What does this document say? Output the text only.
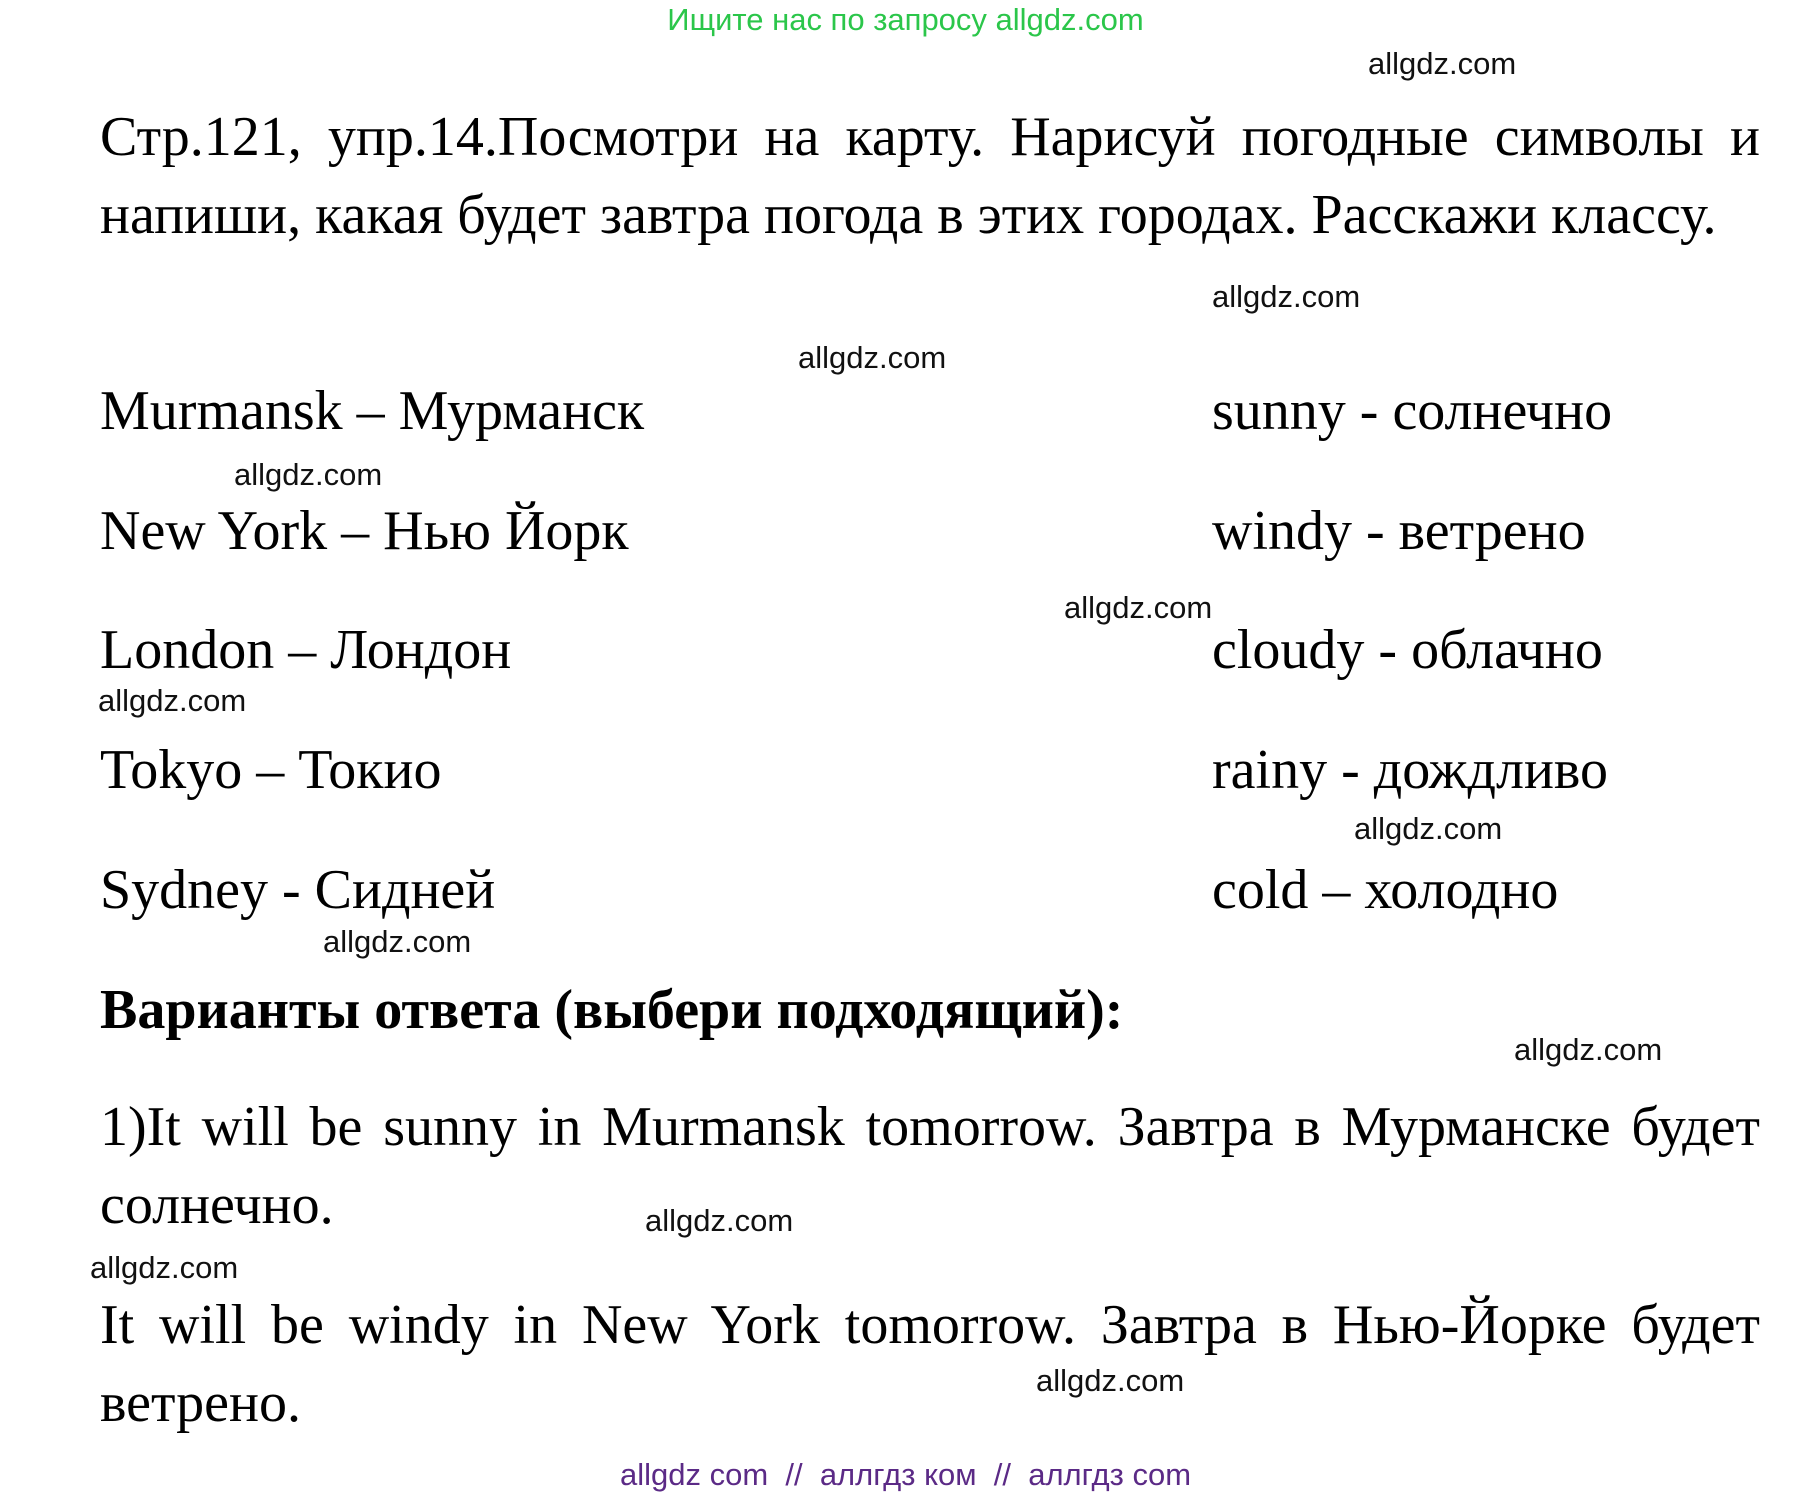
Ищите нас по запросу allgdz.com
allgdz.com
allgdz.com
allgdz.com
allgdz.com
allgdz.com
allgdz.com
allgdz.com
allgdz.com
allgdz.com
allgdz.com
allgdz.com
allgdz.com
Стр.121, упр.14.Посмотри на карту. Нарисуй погодные символы и напиши, какая будет завтра погода в этих городах. Расскажи классу.
Murmansk – Мурманск
New York – Нью Йорк
London – Лондон
Tokyo – Токио
Sydney - Сидней
sunny - солнечно
windy - ветрено
cloudy - облачно
rainy - дождливо
cold – холодно
Варианты ответа (выбери подходящий):
1)It will be sunny in Murmansk tomorrow. Завтра в Мурманске будет солнечно.
It will be windy in New York tomorrow. Завтра в Нью-Йорке будет ветрено.
allgdz com  //  аллгдз ком  //  аллгдз com
